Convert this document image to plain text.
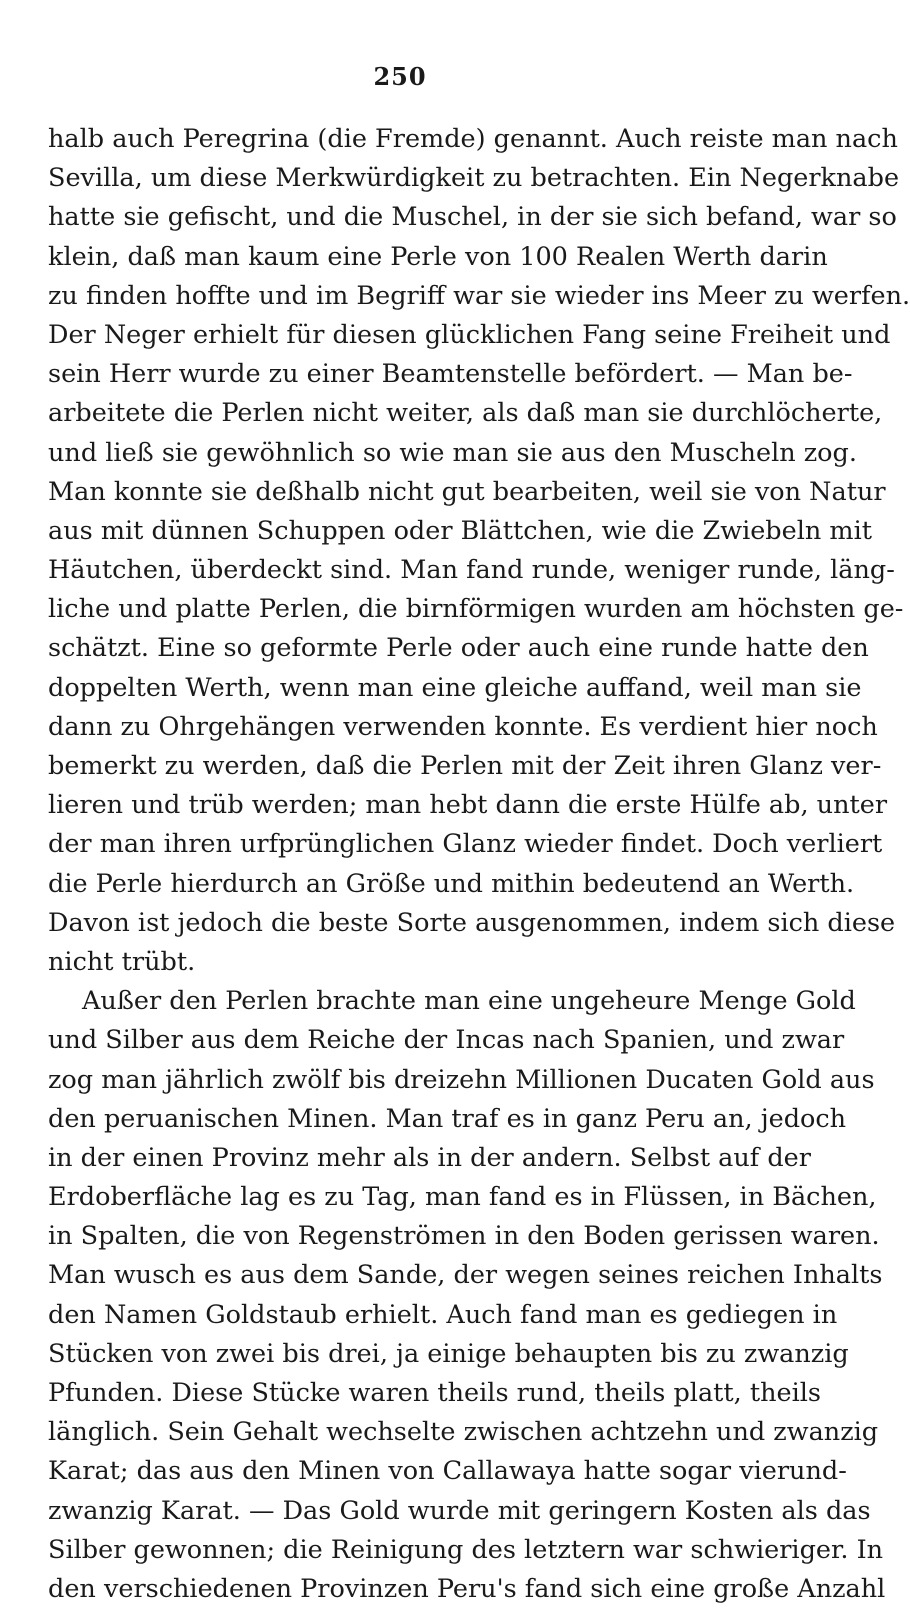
250
halb auch Peregrina (die Fremde) genannt. Auch reiste man nach
Sevilla, um diese Merkwürdigkeit zu betrachten. Ein Negerknabe
hatte sie gefischt, und die Muschel, in der sie sich befand, war so
klein, daß man kaum eine Perle von 100 Realen Werth darin
zu finden hoffte und im Begriff war sie wieder ins Meer zu werfen.
Der Neger erhielt für diesen glücklichen Fang seine Freiheit und
sein Herr wurde zu einer Beamtenstelle befördert. — Man be-
arbeitete die Perlen nicht weiter, als daß man sie durchlöcherte,
und ließ sie gewöhnlich so wie man sie aus den Muscheln zog.
Man konnte sie deßhalb nicht gut bearbeiten, weil sie von Natur
aus mit dünnen Schuppen oder Blättchen, wie die Zwiebeln mit
Häutchen, überdeckt sind. Man fand runde, weniger runde, läng-
liche und platte Perlen, die birnförmigen wurden am höchsten ge-
schätzt. Eine so geformte Perle oder auch eine runde hatte den
doppelten Werth, wenn man eine gleiche auffand, weil man sie
dann zu Ohrgehängen verwenden konnte. Es verdient hier noch
bemerkt zu werden, daß die Perlen mit der Zeit ihren Glanz ver-
lieren und trüb werden; man hebt dann die erste Hülfe ab, unter
der man ihren urfprünglichen Glanz wieder findet. Doch verliert
die Perle hierdurch an Größe und mithin bedeutend an Werth.
Davon ist jedoch die beste Sorte ausgenommen, indem sich diese
nicht trübt.
Außer den Perlen brachte man eine ungeheure Menge Gold
und Silber aus dem Reiche der Incas nach Spanien, und zwar
zog man jährlich zwölf bis dreizehn Millionen Ducaten Gold aus
den peruanischen Minen. Man traf es in ganz Peru an, jedoch
in der einen Provinz mehr als in der andern. Selbst auf der
Erdoberfläche lag es zu Tag, man fand es in Flüssen, in Bächen,
in Spalten, die von Regenströmen in den Boden gerissen waren.
Man wusch es aus dem Sande, der wegen seines reichen Inhalts
den Namen Goldstaub erhielt. Auch fand man es gediegen in
Stücken von zwei bis drei, ja einige behaupten bis zu zwanzig
Pfunden. Diese Stücke waren theils rund, theils platt, theils
länglich. Sein Gehalt wechselte zwischen achtzehn und zwanzig
Karat; das aus den Minen von Callawaya hatte sogar vierund-
zwanzig Karat. — Das Gold wurde mit geringern Kosten als das
Silber gewonnen; die Reinigung des letztern war schwieriger. In
den verschiedenen Provinzen Peru's fand sich eine große Anzahl
